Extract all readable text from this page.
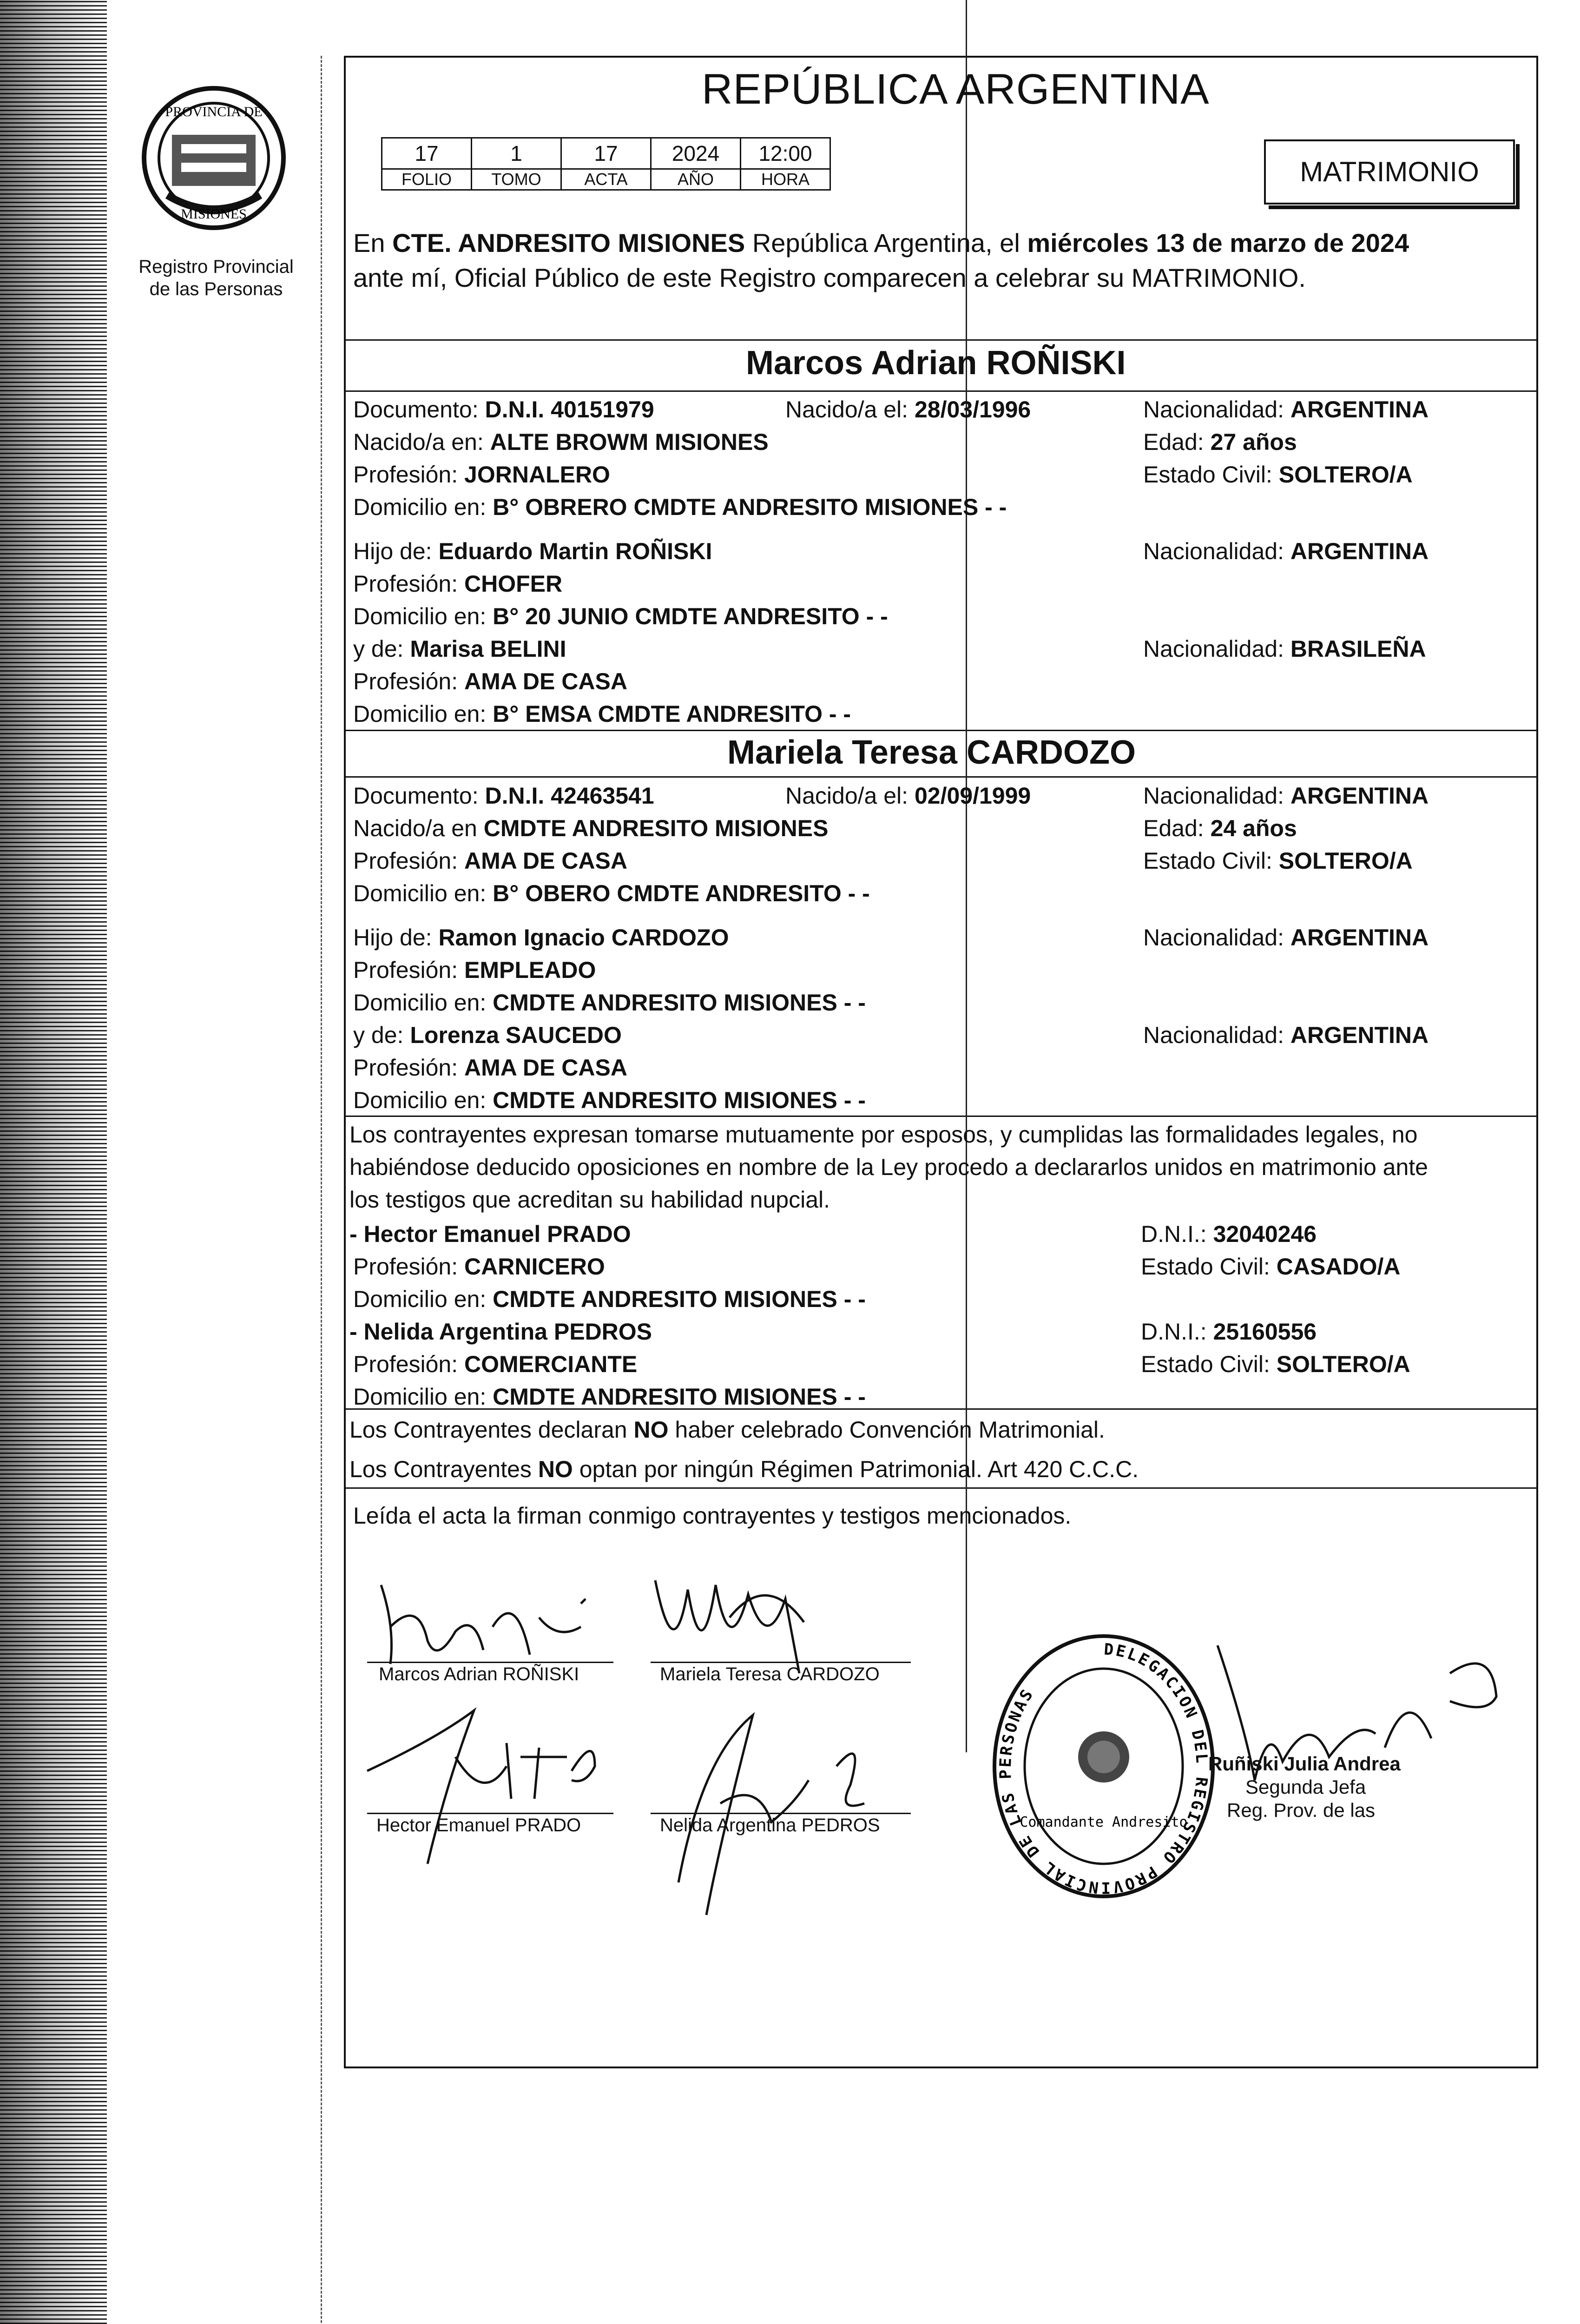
PROVINCIA DE
MISIONES
Registro Provincial
de las Personas
REPÚBLICA ARGENTINA
17	1	17	2024	12:00
FOLIO	TOMO	ACTA	AÑO	HORA	MATRIMONIO
En CTE. ANDRESITO MISIONES República Argentina, el miércoles 13 de marzo de 2024
ante mí, Oficial Público de este Registro comparecen a celebrar su MATRIMONIO.
Marcos Adrian ROÑISKI
Documento: D.N.I. 40151979	Nacido/a el: 28/03/1996	Nacionalidad: ARGENTINA
Nacido/a en: ALTE BROWM MISIONES	Edad: 27 años
Profesión: JORNALERO	Estado Civil: SOLTERO/A
Domicilio en: B° OBRERO CMDTE ANDRESITO MISIONES - -
Hijo de: Eduardo Martin ROÑISKI	Nacionalidad: ARGENTINA
Profesión: CHOFER
Domicilio en: B° 20 JUNIO CMDTE ANDRESITO - -
y de: Marisa BELINI	Nacionalidad: BRASILEÑA
Profesión: AMA DE CASA
Domicilio en: B° EMSA CMDTE ANDRESITO - -
Mariela Teresa CARDOZO
Documento: D.N.I. 42463541	Nacido/a el: 02/09/1999	Nacionalidad: ARGENTINA
Nacido/a en CMDTE ANDRESITO MISIONES	Edad: 24 años
Profesión: AMA DE CASA	Estado Civil: SOLTERO/A
Domicilio en: B° OBERO CMDTE ANDRESITO - -
Hijo de: Ramon Ignacio CARDOZO	Nacionalidad: ARGENTINA
Profesión: EMPLEADO
Domicilio en: CMDTE ANDRESITO MISIONES - -
y de: Lorenza SAUCEDO	Nacionalidad: ARGENTINA
Profesión: AMA DE CASA
Domicilio en: CMDTE ANDRESITO MISIONES - -
Los contrayentes expresan tomarse mutuamente por esposos, y cumplidas las formalidades legales, no
habiéndose deducido oposiciones en nombre de la Ley procedo a declararlos unidos en matrimonio ante
los testigos que acreditan su habilidad nupcial.
- Hector Emanuel PRADO	D.N.I.: 32040246
Profesión: CARNICERO	Estado Civil: CASADO/A
Domicilio en: CMDTE ANDRESITO MISIONES - -
- Nelida Argentina PEDROS	D.N.I.: 25160556
Profesión: COMERCIANTE	Estado Civil: SOLTERO/A
Domicilio en: CMDTE ANDRESITO MISIONES - -
Los Contrayentes declaran NO haber celebrado Convención Matrimonial.
Los Contrayentes NO optan por ningún Régimen Patrimonial. Art 420 C.C.C.
Leída el acta la firman conmigo contrayentes y testigos mencionados.
Marcos Adrian ROÑISKI	Mariela Teresa CARDOZO
Hector Emanuel PRADO	Nelida Argentina PEDROS
DELEGACION DEL REGISTRO PROVINCIAL DE LAS PERSONAS
Comandante Andresito
Ruñiski Julia Andrea
Segunda Jefa
Reg. Prov. de las
